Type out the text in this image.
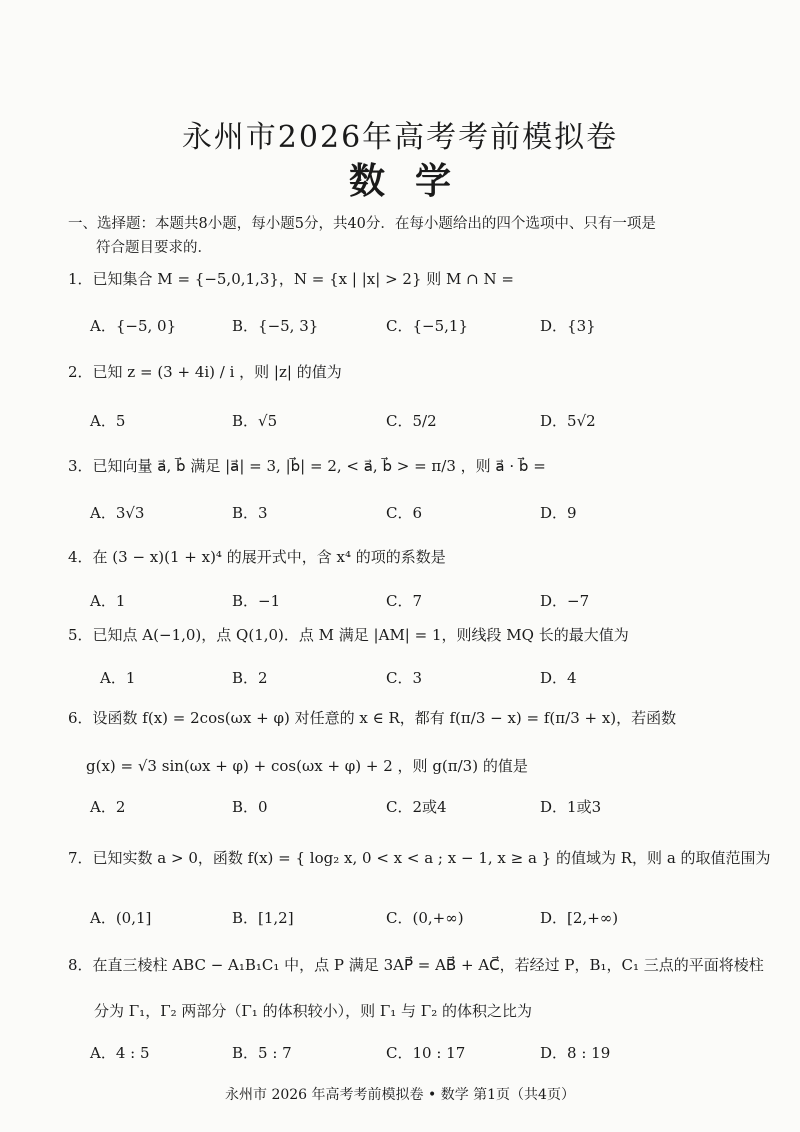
永州市2026年高考考前模拟卷
数学
一、选择题：本题共8小题，每小题5分，共40分．在每小题给出的四个选项中、只有一项是
符合题目要求的．
1．已知集合 M = {−5,0,1,3}，N = {x | |x| > 2} 则 M ∩ N =
A．{−5, 0}	B．{−5, 3}	C．{−5,1}	D．{3}
2．已知 z = (3 + 4i) / i ，则 |z| 的值为
A．5	B．√5	C．5/2	D．5√2
3．已知向量 a⃗, b⃗ 满足 |a⃗| = 3, |b⃗| = 2, < a⃗, b⃗ > = π/3 ，则 a⃗ · b⃗ =
A．3√3	B．3	C．6	D．9
4．在 (3 − x)(1 + x)⁴ 的展开式中，含 x⁴ 的项的系数是
A．1	B．−1	C．7	D．−7
5．已知点 A(−1,0)，点 Q(1,0)．点 M 满足 |AM| = 1，则线段 MQ 长的最大值为
A．1	B．2	C．3	D．4
6．设函数 f(x) = 2cos(ωx + φ) 对任意的 x ∈ R，都有 f(π/3 − x) = f(π/3 + x)，若函数
g(x) = √3 sin(ωx + φ) + cos(ωx + φ) + 2 ，则 g(π/3) 的值是
A．2	B．0	C．2或4	D．1或3
7．已知实数 a > 0，函数 f(x) = { log₂ x, 0 < x < a ; x − 1, x ≥ a } 的值域为 R，则 a 的取值范围为
A．(0,1]	B．[1,2]	C．(0,+∞)	D．[2,+∞)
8．在直三棱柱 ABC − A₁B₁C₁ 中，点 P 满足 3AP⃗ = AB⃗ + AC⃗，若经过 P，B₁，C₁ 三点的平面将棱柱
分为 Γ₁，Γ₂ 两部分（Γ₁ 的体积较小），则 Γ₁ 与 Γ₂ 的体积之比为
A．4 : 5	B．5 : 7	C．10 : 17	D．8 : 19
永州市 2026 年高考考前模拟卷 • 数学 第1页（共4页）
